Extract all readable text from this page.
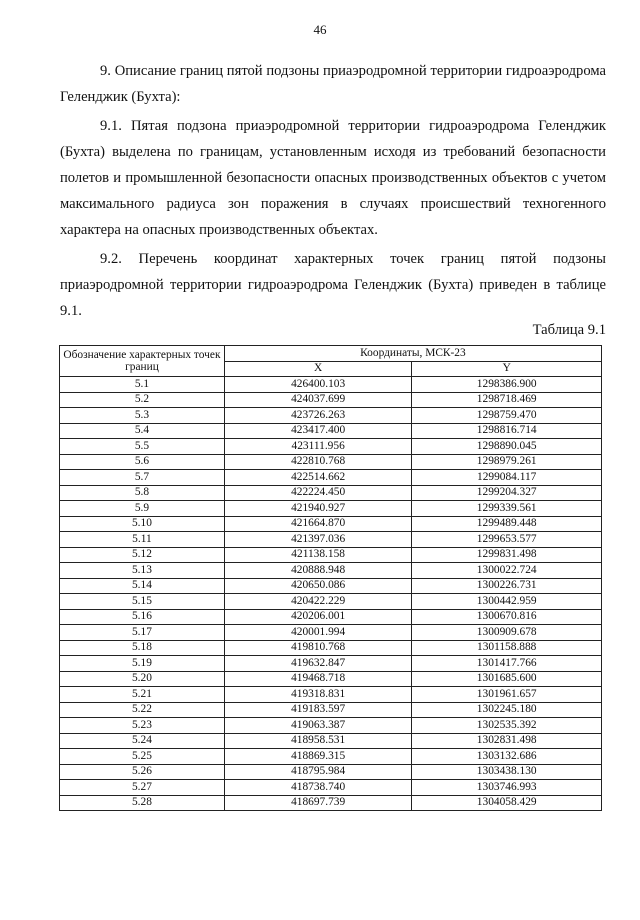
46

9. Описание границ пятой подзоны приаэродромной территории гидроаэродрома Геленджик (Бухта):

9.1. Пятая подзона приаэродромной территории гидроаэродрома Геленджик (Бухта) выделена по границам, установленным исходя из требований безопасности полетов и промышленной безопасности опасных производственных объектов с учетом максимального радиуса зон поражения в случаях происшествий техногенного характера на опасных производственных объектах.

9.2. Перечень координат характерных точек границ пятой подзоны приаэродромной территории гидроаэродрома Геленджик (Бухта) приведен в таблице 9.1.

Таблица 9.1
Обозначение характерных точек границ	Координаты, МСК-23	
	X	Y
5.1	426400.103	1298386.900
5.2	424037.699	1298718.469
5.3	423726.263	1298759.470
5.4	423417.400	1298816.714
5.5	423111.956	1298890.045
5.6	422810.768	1298979.261
5.7	422514.662	1299084.117
5.8	422224.450	1299204.327
5.9	421940.927	1299339.561
5.10	421664.870	1299489.448
5.11	421397.036	1299653.577
5.12	421138.158	1299831.498
5.13	420888.948	1300022.724
5.14	420650.086	1300226.731
5.15	420422.229	1300442.959
5.16	420206.001	1300670.816
5.17	420001.994	1300909.678
5.18	419810.768	1301158.888
5.19	419632.847	1301417.766
5.20	419468.718	1301685.600
5.21	419318.831	1301961.657
5.22	419183.597	1302245.180
5.23	419063.387	1302535.392
5.24	418958.531	1302831.498
5.25	418869.315	1303132.686
5.26	418795.984	1303438.130
5.27	418738.740	1303746.993
5.28	418697.739	1304058.429
